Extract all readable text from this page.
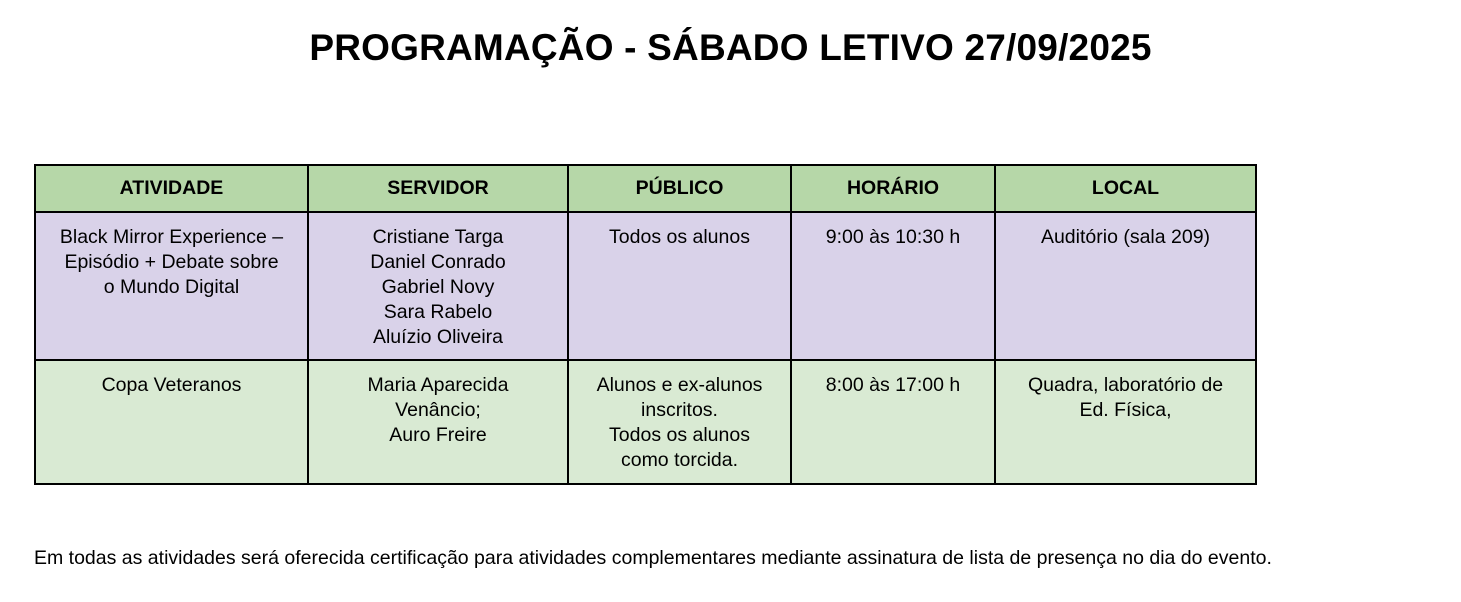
PROGRAMAÇÃO - SÁBADO LETIVO 27/09/2025
ATIVIDADE	SERVIDOR	PÚBLICO	HORÁRIO	LOCAL

Black Mirror Experience –
Episódio + Debate sobre
o Mundo Digital	Cristiane Targa
Daniel Conrado
Gabriel Novy
Sara Rabelo
Aluízio Oliveira	Todos os alunos	9:00 às 10:30 h	Auditório (sala 209)

Copa Veteranos	Maria Aparecida
Venâncio;
Auro Freire	Alunos e ex-alunos
inscritos.
Todos os alunos
como torcida.	8:00 às 17:00 h	Quadra, laboratório de
Ed. Física,
Em todas as atividades será oferecida certificação para atividades complementares mediante assinatura de lista de presença no dia do evento.
